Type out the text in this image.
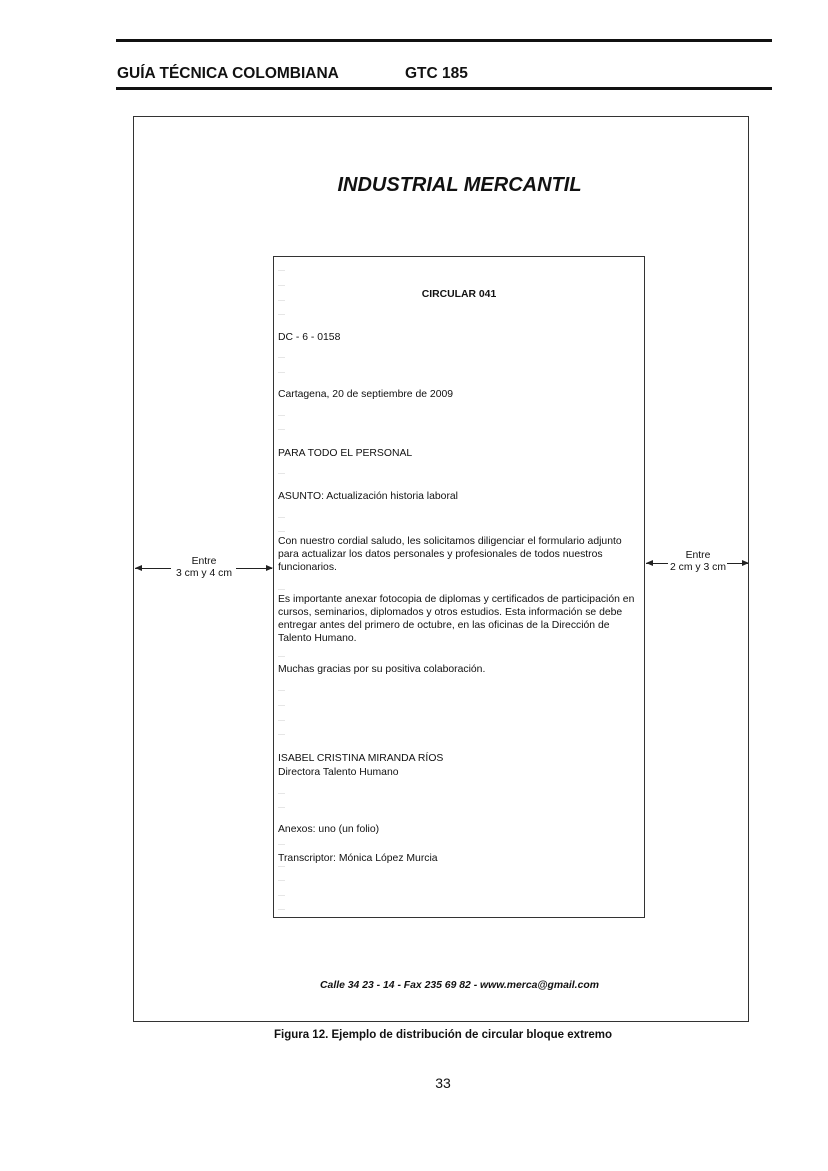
GUÍA TÉCNICA COLOMBIANA	GTC 185
INDUSTRIAL MERCANTIL
CIRCULAR 041
DC - 6 - 0158
Cartagena, 20 de septiembre de 2009
PARA TODO EL PERSONAL
ASUNTO: Actualización historia laboral
Con nuestro cordial saludo, les solicitamos diligenciar el formulario adjunto para actualizar los datos personales y profesionales de todos nuestros funcionarios.
Es importante anexar fotocopia de diplomas y certificados de participación en cursos, seminarios, diplomados y otros estudios. Esta información se debe entregar antes del primero de octubre, en las oficinas de la Dirección de Talento Humano.
Muchas gracias por su positiva colaboración.
ISABEL CRISTINA MIRANDA RÍOS
Directora Talento Humano
Anexos: uno (un folio)
Transcriptor: Mónica López Murcia
Entre
3 cm y 4 cm
Entre
2 cm y 3 cm
Calle 34 23 - 14 - Fax 235 69 82 - www.merca@gmail.com
Figura 12. Ejemplo de distribución de circular bloque extremo
33
